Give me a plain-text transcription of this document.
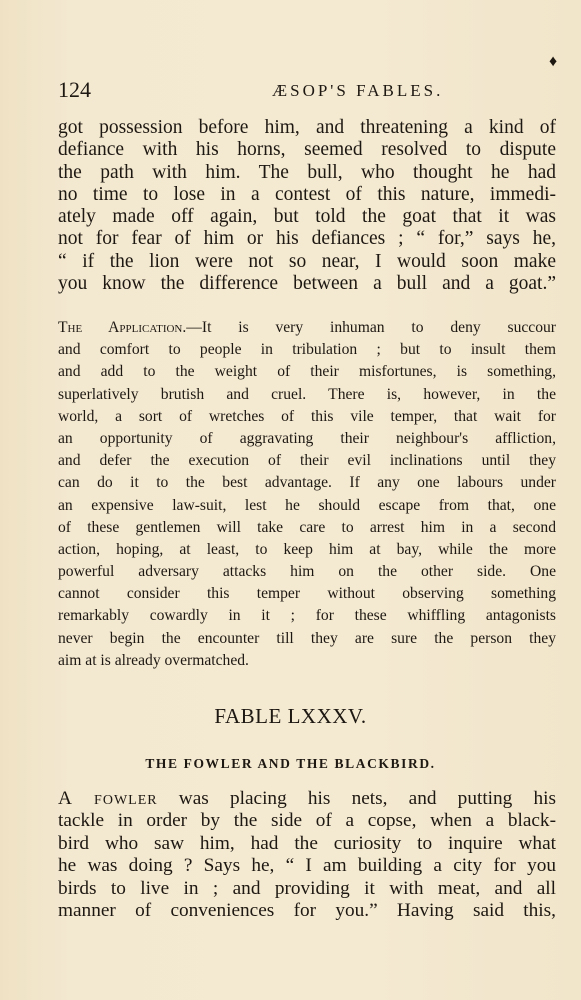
♦
124	ÆSOP'S FABLES.
got possession before him, and threatening a kind of
defiance with his horns, seemed resolved to dispute
the path with him. The bull, who thought he had
no time to lose in a contest of this nature, immedi-
ately made off again, but told the goat that it was
not for fear of him or his defiances ; “ for,” says he,
“ if the lion were not so near, I would soon make
you know the difference between a bull and a goat.”
The Application.—It is very inhuman to deny succour
and comfort to people in tribulation ; but to insult them
and add to the weight of their misfortunes, is something,
superlatively brutish and cruel. There is, however, in the
world, a sort of wretches of this vile temper, that wait for
an opportunity of aggravating their neighbour's affliction,
and defer the execution of their evil inclinations until they
can do it to the best advantage. If any one labours under
an expensive law-suit, lest he should escape from that, one
of these gentlemen will take care to arrest him in a second
action, hoping, at least, to keep him at bay, while the more
powerful adversary attacks him on the other side. One
cannot consider this temper without observing something
remarkably cowardly in it ; for these whiffling antagonists
never begin the encounter till they are sure the person they
aim at is already overmatched.
FABLE LXXXV.
THE FOWLER AND THE BLACKBIRD.
A fowler was placing his nets, and putting his
tackle in order by the side of a copse, when a black-
bird who saw him, had the curiosity to inquire what
he was doing ? Says he, “ I am building a city for you
birds to live in ; and providing it with meat, and all
manner of conveniences for you.” Having said this,
